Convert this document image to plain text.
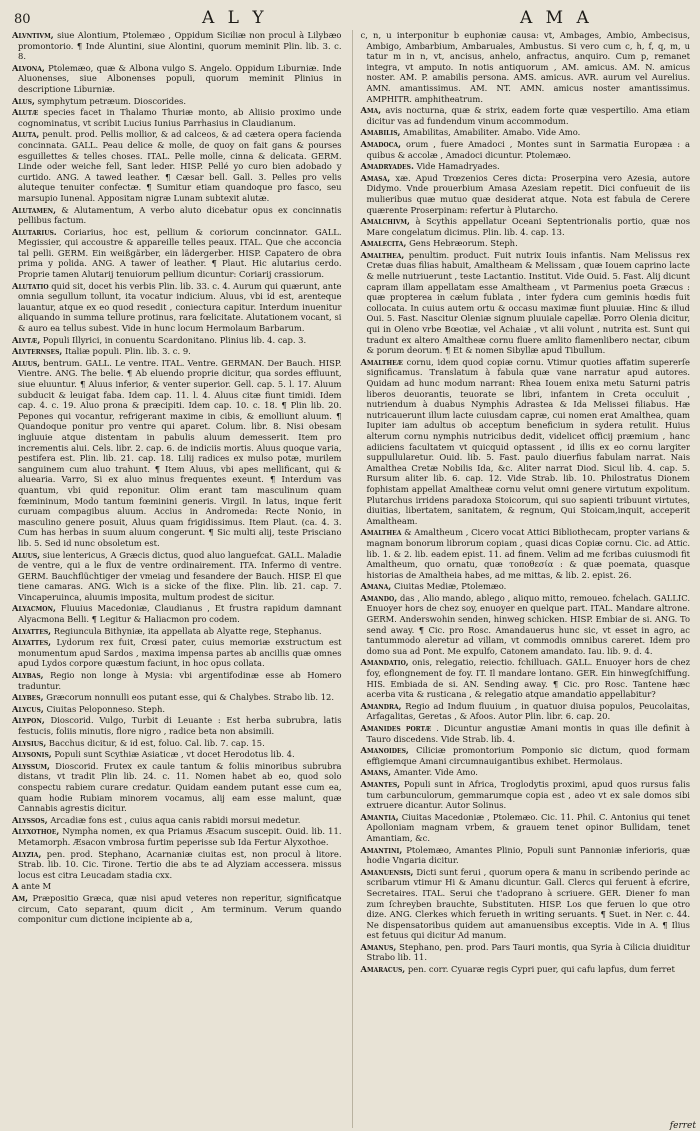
80	A L Y	A M A

Alvntivm, siue Alontium, Ptolemæo , Oppidum Siciliæ non procul à Lilybæo promontorio. ¶ Inde Aluntini, siue Alontini, quorum meminit Plin. lib. 3. c. 8.

Alvona, Ptolemæo, quæ & Albona vulgo S. Angelo. Oppidum Liburniæ. Inde Aluonenses, siue Albonenses populi, quorum meminit Plinius in descriptione Liburniæ.

Alus, symphytum petræum. Dioscorides.

Alutæ species facet in Thalamo Thuriæ monto, ab Aliisio proximo unde cognominatus, vt scribit Lucius Iunius Parrhasius in Claudianum.

Aluta, penult. prod. Pellis mollior, & ad calceos, & ad cætera opera facienda concinnata. GALL. Peau delice & molle, de quoy on fait gans & pourses esguillettes & telles choses. ITAL. Pelle molle, cinna & delicata. GERM. Linde oder weiche fell, Sant leder. HISP. Pellé yo curo bien adobado y curtido. ANG. A tawed leather. ¶ Cæsar bell. Gall. 3. Pelles pro velis aluteque tenuiter confectæ. ¶ Sumitur etiam quandoque pro fasco, seu marsupio Iunenal. Appositam nigræ Lunam subtexit alutæ.

Alutamen, & Alutamentum, A verbo aluto dicebatur opus ex concinnatis pellibus factum.

Alutarius. Coriarius, hoc est, pellium & coriorum concinnator. GALL. Megissier, qui accoustre & appareille telles peaux. ITAL. Que che acconcia tal pelli. GERM. Ein weißgärber, ein lädergerber. HISP. Capatero de obra prima y polida. ANG. A tawer of leather. ¶ Plaut. Hic alutarius cerdo. Proprie tamen Alutarij tenuiorum pellium dicuntur: Coriarij crassiorum.

Alutatio quid sit, docet his verbis Plin. lib. 33. c. 4. Aurum qui quærunt, ante omnia segullum tollunt, ita vocatur indicium. Aluus, vbi id est, arenteque lauantur, atque ex eo quod resedit , coniectura capitur. Interdum inuenitur aliquando in summa tellure protinus, rara fœlicitate. Alutationem vocant, si & auro ea tellus subest. Vide in hunc locum Hermolaum Barbarum.

Alvtæ, Populi Illyrici, in conuentu Scardonitano. Plinius lib. 4. cap. 3.

Alvternses, Italiæ populi. Plin. lib. 3. c. 9.

Aluus, bentrum. GALL. Le ventre. ITAL. Ventre. GERMAN. Der Bauch. HISP. Vientre. ANG. The belie. ¶ Ab eluendo proprie dicitur, qua sordes effluunt, siue eluuntur. ¶ Aluus inferior, & venter superior. Gell. cap. 5. l. 17. Aluum subducit & leuigat faba. Idem cap. 11. l. 4. Aluus citæ fiunt timidi. Idem cap. 4. c. 19. Aluo prona & præcipiti. Idem cap. 10. c. 18. ¶ Plin lib. 20. Pepones qui vocantur, refrigerant maxime in cibis, & emolliunt aluum. ¶ Quandoque ponitur pro ventre qui aparet. Colum. libr. 8. Nisi obesam ingluuie atque distentam in pabulis aluum demesserit. Item pro incrementis alui. Cels. libr. 2. cap. 6. de indiciis mortis. Aluus quoque varia, pestifera est. Plin. lib. 21. cap. 18. Lilij radices ex mulso potæ, murilem sanguinem cum aluo trahunt. ¶ Item Aluus, vbi apes mellificant, qui & aluearia. Varro, Si ex aluo minus frequentes exeunt. ¶ Interdum vas quantum, vbi quid reponitur. Olim erant tam masculinum quam fœmininum, Modo tantum fœminini generis. Virgil. In latus, inque ferit curuam compagibus aluum. Accius in Andromeda: Recte Nonio, in masculino genere posuit, Aluus quam frigidissimus. Item Plaut. (ca. 4. 3. Cum has herbas in suum aluum congerunt. ¶ Sic multi alij, teste Prisciano lib. 5. Sed id nunc obsoletum est.

Aluus, siue lentericus, A Græcis dictus, quod aluo languefcat. GALL. Maladie de ventre, qui a le flux de ventre ordinairement. ITA. Infermo di ventre. GERM. Bauchflüchtiger der vmeiag und fesandere der Bauch. HISP. El que tiene camaras. ANG. Wich is a sicke of the flixe. Plin. lib. 21. cap. 7. Vincaperuinca, aluumis imposita, multum prodest de sicitur.

Alyacmon, Fluuius Macedoniæ, Claudianus , Et frustra rapidum damnant Alyacmona Belli. ¶ Legitur & Haliacmon pro codem.

Alyattes, Regiuncula Bithyniæ, ita appellata ab Alyatte rege, Stephanus.

Alyattes, Lydorum rex fuit, Crœsi pater, cuius memoriæ exstructum est monumentum apud Sardos , maxima impensa partes ab ancillis quæ omnes apud Lydos corpore quæstum faciunt, in hoc opus collata.

Alybas, Regio non longe à Mysia: vbi argentifodinæ esse ab Homero traduntur.

Alybes, Græcorum nonnulli eos putant esse, qui & Chalybes. Strabo lib. 12.

Alycus, Ciuitas Peloponneso. Steph.

Alypon, Dioscorid. Vulgo, Turbit di Leuante : Est herba subrubra, latis festucis, foliis minutis, flore nigro , radice beta non absimili.

Alysius, Bacchus dicitur, & id est, foluo. Cal. lib. 7. cap. 15.

Alysonis, Populi sunt Scythiæ Asiaticæ , vt docet Herodotus lib. 4.

Alyssum, Dioscorid. Frutex ex caule tantum & foliis minoribus subrubra distans, vt tradit Plin lib. 24. c. 11. Nomen habet ab eo, quod solo conspectu rabiem curare credatur. Quidam eandem putant esse cum ea, quam hodie Rubiam minorem vocamus, alij eam esse malunt, quæ Cannabis agrestis dicitur.

Alyssos, Arcadiæ fons est , cuius aqua canis rabidi morsui medetur.

Alyxothoe, Nympha nomen, ex qua Priamus Æsacum suscepit. Ouid. lib. 11. Metamorph. Æsacon vmbrosa furtim peperisse sub Ida Fertur Alyxothoe.

Alyzia, pen. prod. Stephano, Acarnaniæ ciuitas est, non procul à litore. Strab. lib. 10. Cic. Tirone. Tertio die abs te ad Alyziam accessera. missus locus est citra Leucadam stadia cxx.

A ante M

Am, Præpositio Græca, quæ nisi apud veteres non reperitur, significatque circum, Cato separant, quum dicit , Am terminum. Verum quando componitur cum dictione incipiente ab a,

c, n, u interponitur b euphoniæ causa: vt, Ambages, Ambio, Ambecisus, Ambigo, Ambarbium, Ambaruales, Ambustus. Si vero cum c, h, f, q, m, u tatur m in n, vt, ancisus, anhelo, anfractus, anquiro. Cum p, remanet integra, vt amputo. In notis antiquorum , AM. amicus. AM. N. amicus noster. AM. P. amabilis persona. AMS. amicus. AVR. aurum vel Aurelius. AMN. amantissimus. AM. NT. AMN. amicus noster amantissimus. AMPHITR. amphitheatrum.

Ama, avis nocturna, quæ & strix, eadem forte quæ vespertilio. Ama etiam dicitur vas ad fundendum vinum accommodum.

Amabilis, Amabilitas, Amabiliter. Amabo. Vide Amo.

Amadoca, orum , fuere Amadoci , Montes sunt in Sarmatia Europæa : a quibus & accolæ , Amadoci dicuntur. Ptolemæo.

Amadryades. Vide Hamadryades.

Amasa, xæ. Apud Trœzenios Ceres dicta: Proserpina vero Azesia, autore Didymo. Vnde prouerbium Amasa Azesiam repetit. Dici confueuit de iis mulieribus quæ mutuo quæ desiderat atque. Nota est fabula de Cerere quærente Proserpinam: refertur à Plutarcho.

Amalchivm, à Scythis appellatur Oceani Septentrionalis portio, quæ nos Mare congelatum dicimus. Plin. lib. 4. cap. 13.

Amalecita, Gens Hebræorum. Steph.

Amalthea, penultim. product. Fuit nutrix Iouis infantis. Nam Melissus rex Cretæ duas filias habuit, Amaltheam & Melissam , quæ Iouem caprino lacte & melle nutriuerunt , teste Lactantio. Institut. Vide Ouid. 5. Fast. Alij dicunt capram illam appellatam esse Amaltheam , vt Parmenius poeta Græcus : quæ propterea in cælum fublata , inter fydera cum geminis hœdis fuit collocata. In cuius autem ortu & occasu maximæ fiunt pluuiæ. Hinc & illud Oui. 5. Fast. Nascitur Oleniæ signum pluuiale capellæ. Porro Oleniа dicitur, qui in Oleno vrbe Bœotiæ, vel Achaiæ , vt alii volunt , nutrita est. Sunt qui tradunt ex altero Amaltheæ cornu fluere amlito flamenlibero nectar, cibum & porum deorum. ¶ Et & nomen Sibyllæ apud Tibullum.

Amaltheæ cornu, idem quod copiæ cornu. Vtimur quoties affatim supererſe significamus. Translatum à fabula quæ vane narratur apud autores. Quidam ad hunc modum narrant: Rhea Iouem enixa metu Saturni patris liberos deuorantis, teuorate se libri, infantem in Creta occuluit , nutriendum à duabus Nymphis Adrastea & Ida Melissei filiabus. Hæ nutricauerunt illum lacte cuiusdam capræ, cui nomen erat Amalthea, quam Iupiter iam adultus ob acceptum beneficium in sydera retulit. Huius alterum cornu nymphis nutricibus dedit, videlicet officij præmium , hanc adiiciens facultatem vt quicquid optassent , id illis ex eo cornu largiter suppullularetur. Ouid. lib. 5. Fast. paulo diuerfius fabulam narrat. Nais Amalthea Cretæ Nobilis Ida, &c. Aliter narrat Diod. Sicul lib. 4. cap. 5. Rursum aliter lib. 6. cap. 12. Vide Strab. lib. 10. Philostratus Dionem fophistam appellat Amaltheæ cornu velut omni genere virtutum expolitum. Plutarchus irridens paradoxa Stoicorum, qui suo sapienti tribuunt virtutes, diuitias, libertatem, sanitatem, & regnum, Qui Stoicam,inquit, acceperit Amaltheam.

Amalthea & Amaltheum , Cicero vocat Attici Bibliothecam, propter varians & magnam bonorum librorum copiam , quasi dicas Copiæ cornu. Cic. ad Attic. lib. 1. & 2. lib. eadem epist. 11. ad finem. Velim ad me fcribas cuiusmodi fit Amaltheum, quo ornatu, quæ τοποθεσία : & quæ poemata, quasque historias de Amaltheia habes, ad me mittas, & lib. 2. epist. 26.

Amana, Ciuitas Mediæ, Ptolemæo.

Amando, das , Alio mando, ablego , aliquo mitto, remoueo. fchelach. GALLIC. Enuoyer hors de chez soy, enuoyer en quelque part. ITAL. Mandare altrone. GERM. Anderswohin senden, hinweg schicken. HISP. Embiar de si. ANG. To send away. ¶ Cic. pro Rosc. Amandauerus hunc sic, vt esset in agro, ac tantummodo aleretur ad villam, vt commodis omnibus careret. Idem pro domo sua ad Pont. Me expulfo, Catonem amandato. Iau. lib. 9. d. 4.

Amandatio, onis, relegatio, reiectio. fchilluach. GALL. Enuoyer hors de chez foy, eflongnement de foy. IT. Il mandare lontano. GER. Ein hinwegſchiffung. HIS. Embiada de si. AN. Sending away. ¶ Cic. pro Rosc. Tantene hæc acerba vita & rusticana , & relegatio atque amandatio appellabitur?

Amandra, Regio ad Indum fluuium , in quatuor diuisa populos, Peucolaitas, Arfagalitas, Geretas , & Afoos. Autor Plin. libr. 6. cap. 20.

Amanides portæ . Dicuntur angustiæ Amani montis in quas ille definit à Tauro discedens. Vide Strab. lib. 4.

Amanoides, Ciliciæ promontorium Pomponio sic dictum, quod formam effigiemque Amani circumnauigantibus exhibet. Hermolaus.

Amans, Amanter. Vide Amo.

Amantes, Populi sunt in Africa, Troglodytis proximi, apud quos rursus falis tum carbunculorum, gemmarumque copia est , adeo vt ex sale domos sibi extruere dicantur. Autor Solinus.

Amantia, Ciuitas Macedoniæ , Ptolemæo. Cic. 11. Phil. C. Antonius qui tenet Apolloniam magnam vrbem, & grauem tenet opinor Bullidam, tenet Amantiam, &c.

Amantini, Ptolemæo, Amantes Plinio, Populi sunt Pannoniæ inferioris, quæ hodie Vngaria dicitur.

Amanuensis, Dicti sunt ferui , quorum opera & manu in scribendo perinde ac scribarum vtimur Hi & Amanu dicuntur. Gall. Clercs qui feruent à efcrire, Secretaires. ITAL. Serui che t'adoprano à scriuere. GER. Diener fo man zum ſchreyben brauchte, Substituten. HISP. Los que feruen lo que otro dize. ANG. Clerkes which ferueth in writing seruants. ¶ Suet. in Ner. c. 44. Ne dispensatoribus quidem aut amanuensibus exceptis. Vide in A. ¶ Ilius est fetuus qui dicitur Ad manum.

Amanus, Stephano, pen. prod. Pars Tauri montis, qua Syria à Cilicia diuiditur Strabo lib. 11.

Amaracus, pen. corr. Cyuaræ regis Cypri puer, qui cafu lapfus, dum ferret

ferret
